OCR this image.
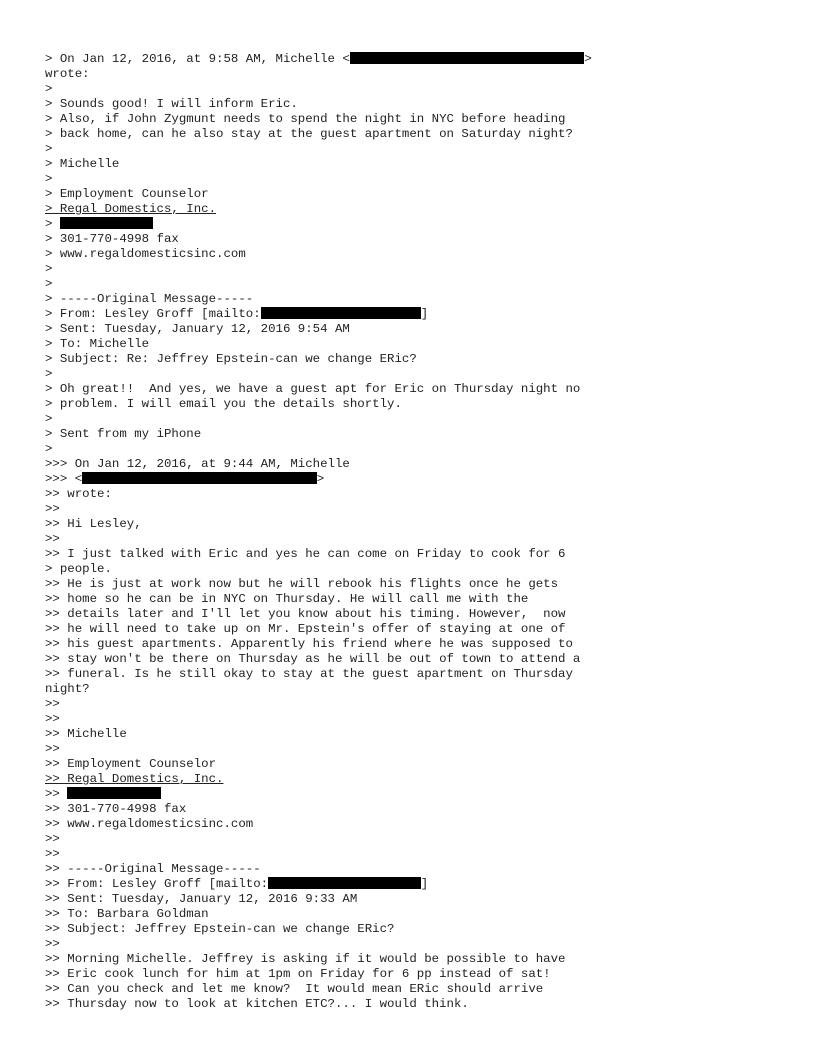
> On Jan 12, 2016, at 9:58 AM, Michelle <	>
wrote:
>
> Sounds good! I will inform Eric.
> Also, if John Zygmunt needs to spend the night in NYC before heading
> back home, can he also stay at the guest apartment on Saturday night?
>
> Michelle
>
> Employment Counselor
> Regal Domestics, Inc.
>
> 301-770-4998 fax
> www.regaldomesticsinc.com
>
>
> -----Original Message-----
> From: Lesley Groff [mailto:	]
> Sent: Tuesday, January 12, 2016 9:54 AM
> To: Michelle
> Subject: Re: Jeffrey Epstein-can we change ERic?
>
> Oh great!!  And yes, we have a guest apt for Eric on Thursday night no
> problem. I will email you the details shortly.
>
> Sent from my iPhone
>
>>> On Jan 12, 2016, at 9:44 AM, Michelle
>>> <	>
>> wrote:
>>
>> Hi Lesley,
>>
>> I just talked with Eric and yes he can come on Friday to cook for 6
> people.
>> He is just at work now but he will rebook his flights once he gets
>> home so he can be in NYC on Thursday. He will call me with the
>> details later and I'll let you know about his timing. However,  now
>> he will need to take up on Mr. Epstein's offer of staying at one of
>> his guest apartments. Apparently his friend where he was supposed to
>> stay won't be there on Thursday as he will be out of town to attend a
>> funeral. Is he still okay to stay at the guest apartment on Thursday
night?
>>
>>
>> Michelle
>>
>> Employment Counselor
>> Regal Domestics, Inc.
>>
>> 301-770-4998 fax
>> www.regaldomesticsinc.com
>>
>>
>> -----Original Message-----
>> From: Lesley Groff [mailto:	]
>> Sent: Tuesday, January 12, 2016 9:33 AM
>> To: Barbara Goldman
>> Subject: Jeffrey Epstein-can we change ERic?
>>
>> Morning Michelle. Jeffrey is asking if it would be possible to have
>> Eric cook lunch for him at 1pm on Friday for 6 pp instead of sat!
>> Can you check and let me know?  It would mean ERic should arrive
>> Thursday now to look at kitchen ETC?... I would think.
